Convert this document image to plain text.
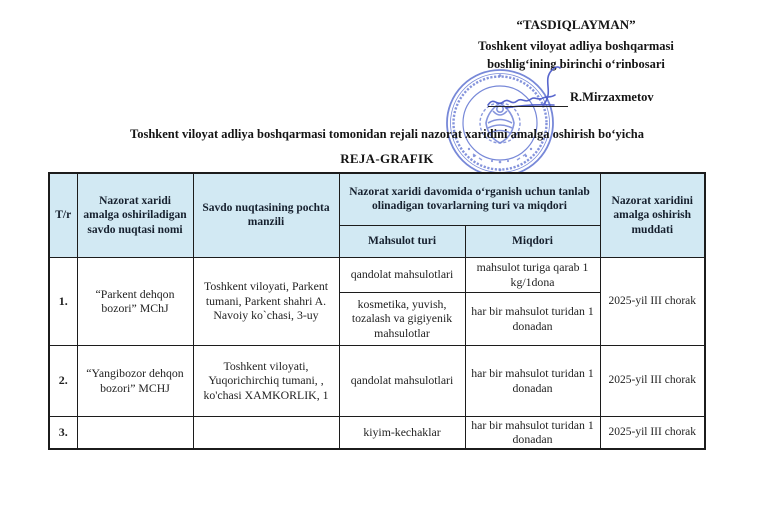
“TASDIQLAYMAN”
Toshkent viloyat adliya boshqarmasi
boshlig‘ining birinchi o‘rinbosari
R.Mirzaxmetov
Toshkent viloyat adliya boshqarmasi tomonidan rejali nazorat xaridini amalga oshirish bo‘yicha
REJA-GRAFIK
T/r	Nazorat xaridi amalga oshiriladigan savdo nuqtasi nomi	Savdo nuqtasining pochta manzili	Nazorat xaridi davomida o‘rganish uchun tanlab olinadigan tovarlarning turi va miqdori		Nazorat xaridini amalga oshirish muddati
			Mahsulot turi	Miqdori	
1.	“Parkent dehqon bozori” MChJ	Toshkent viloyati, Parkent tumani, Parkent shahri A. Navoiy ko`chasi, 3-uy	qandolat mahsulotlari	mahsulot turiga qarab 1 kg/1dona	2025-yil III chorak
			kosmetika, yuvish, tozalash va gigiyenik mahsulotlar	har bir mahsulot turidan 1 donadan	
2.	“Yangibozor dehqon bozori” MCHJ	Toshkent viloyati, Yuqorichirchiq tumani, , ko'chasi XAMKORLIK, 1	qandolat mahsulotlari	har bir mahsulot turidan 1 donadan	2025-yil III chorak
3.			kiyim-kechaklar	har bir mahsulot turidan 1 donadan	2025-yil III chorak
